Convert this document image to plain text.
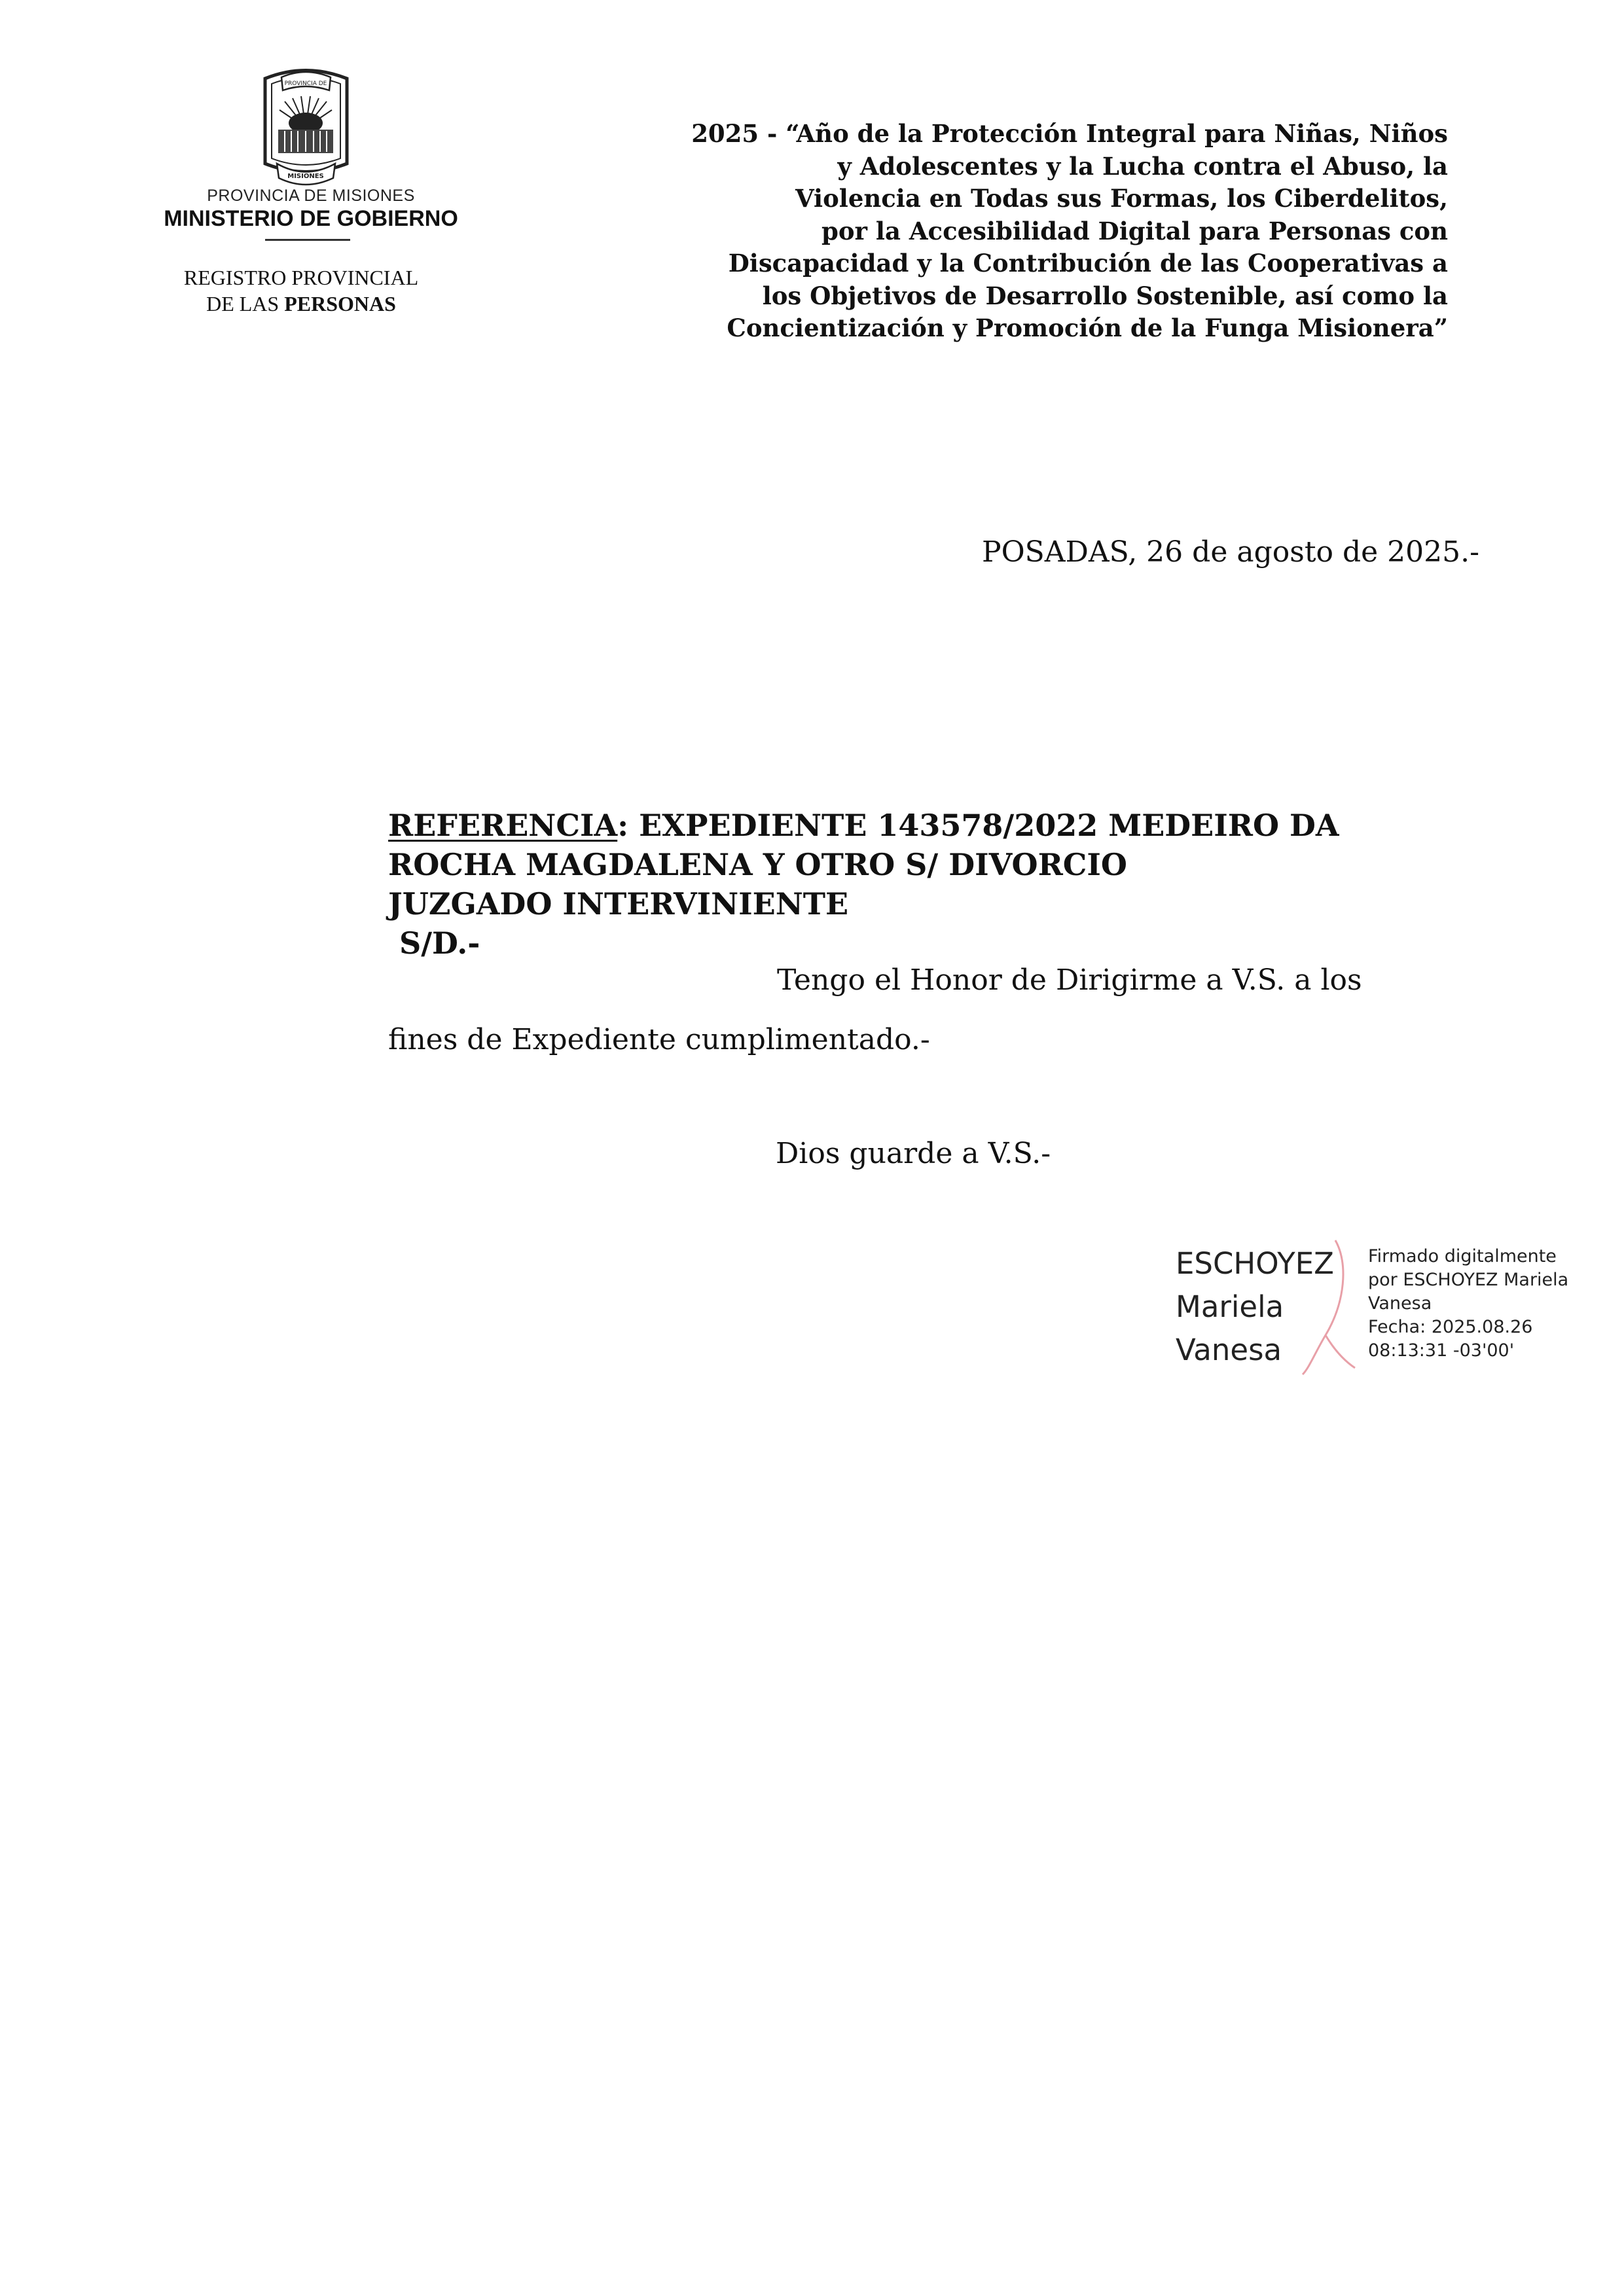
PROVINCIA DE
MISIONES
PROVINCIA DE MISIONES
MINISTERIO DE GOBIERNO
REGISTRO PROVINCIAL
DE LAS PERSONAS
2025 - “Año de la Protección Integral para Niñas, Niños
y Adolescentes y la Lucha contra el Abuso, la
Violencia en Todas sus Formas, los Ciberdelitos,
por la Accesibilidad Digital para Personas con
Discapacidad y la Contribución de las Cooperativas a
los Objetivos de Desarrollo Sostenible, así como la
Concientización y Promoción de la Funga Misionera”
POSADAS, 26 de agosto de 2025.-
REFERENCIA: EXPEDIENTE 143578/2022 MEDEIRO DA
ROCHA MAGDALENA Y OTRO S/ DIVORCIO
JUZGADO INTERVINIENTE
S/D.-
Tengo el Honor de Dirigirme a V.S. a los
fines de Expediente cumplimentado.-
Dios guarde a V.S.-
ESCHOYEZ
Mariela
Vanesa
Firmado digitalmente
por ESCHOYEZ Mariela
Vanesa
Fecha: 2025.08.26
08:13:31 -03'00'
